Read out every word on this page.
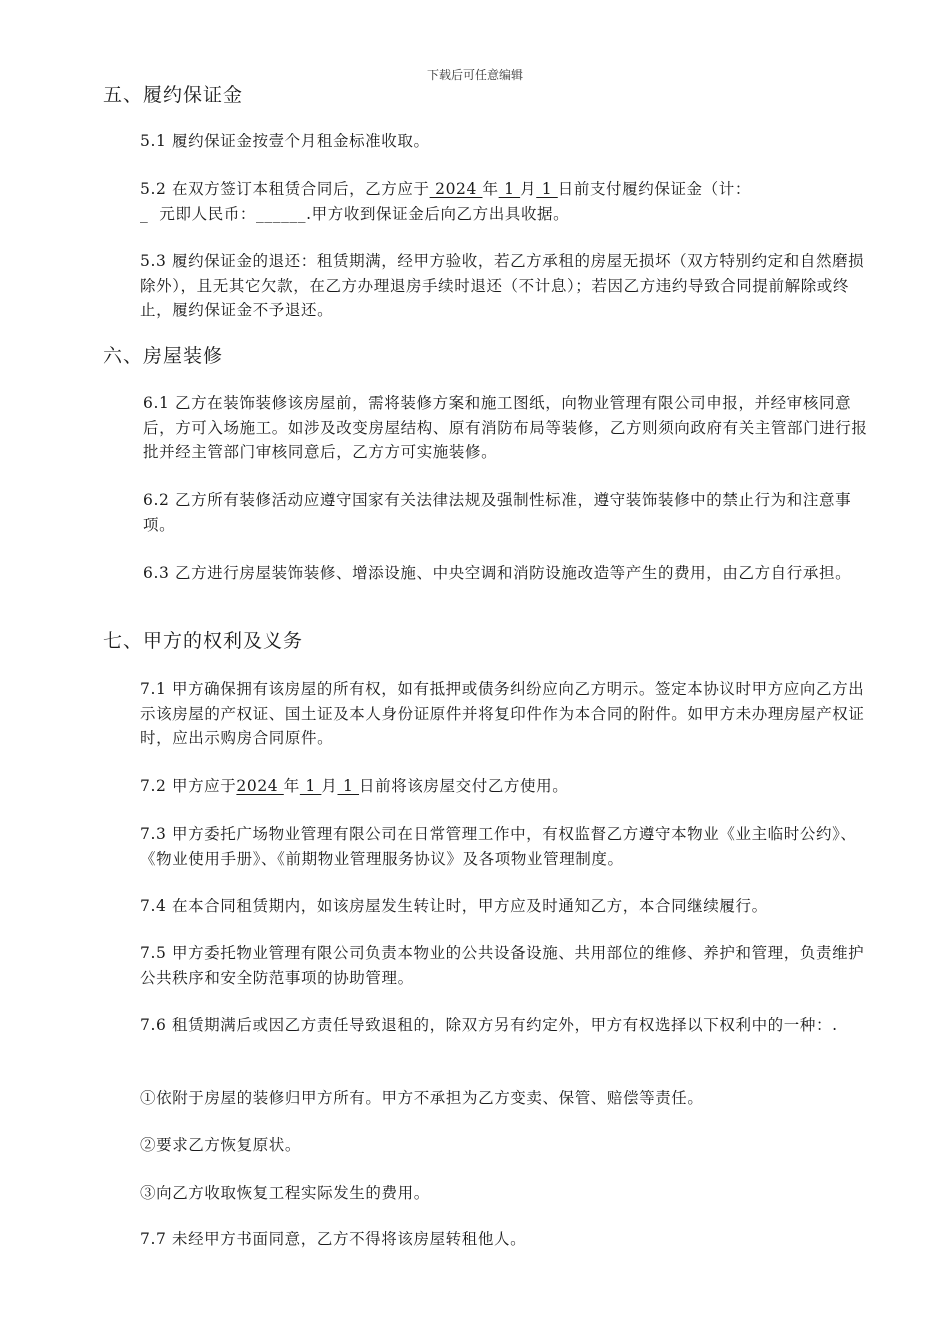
下载后可任意编辑
五、履约保证金

5.1 履约保证金按壹个月租金标准收取。

5.2 在双方签订本租赁合同后，乙方应于 2024 年 1 月 1 日前支付履约保证金（计：
_  元即人民币：______.甲方收到保证金后向乙方出具收据。

5.3 履约保证金的退还：租赁期满，经甲方验收，若乙方承租的房屋无损坏（双方特别约定和自然磨损除外），且无其它欠款，在乙方办理退房手续时退还（不计息）；若因乙方违约导致合同提前解除或终止，履约保证金不予退还。

六、房屋装修

6.1 乙方在装饰装修该房屋前，需将装修方案和施工图纸，向物业管理有限公司申报，并经审核同意后，方可入场施工。如涉及改变房屋结构、原有消防布局等装修，乙方则须向政府有关主管部门进行报批并经主管部门审核同意后，乙方方可实施装修。

6.2 乙方所有装修活动应遵守国家有关法律法规及强制性标准，遵守装饰装修中的禁止行为和注意事项。

6.3 乙方进行房屋装饰装修、增添设施、中央空调和消防设施改造等产生的费用，由乙方自行承担。

七、甲方的权利及义务

7.1 甲方确保拥有该房屋的所有权，如有抵押或债务纠纷应向乙方明示。签定本协议时甲方应向乙方出示该房屋的产权证、国土证及本人身份证原件并将复印件作为本合同的附件。如甲方未办理房屋产权证时，应出示购房合同原件。

7.2 甲方应于2024 年 1 月 1 日前将该房屋交付乙方使用。

7.3 甲方委托广场物业管理有限公司在日常管理工作中，有权监督乙方遵守本物业《业主临时公约》、《物业使用手册》、《前期物业管理服务协议》及各项物业管理制度。

7.4 在本合同租赁期内，如该房屋发生转让时，甲方应及时通知乙方，本合同继续履行。

7.5 甲方委托物业管理有限公司负责本物业的公共设备设施、共用部位的维修、养护和管理，负责维护公共秩序和安全防范事项的协助管理。

7.6 租赁期满后或因乙方责任导致退租的，除双方另有约定外，甲方有权选择以下权利中的一种：.

①依附于房屋的装修归甲方所有。甲方不承担为乙方变卖、保管、赔偿等责任。

②要求乙方恢复原状。

③向乙方收取恢复工程实际发生的费用。

7.7 未经甲方书面同意，乙方不得将该房屋转租他人。
